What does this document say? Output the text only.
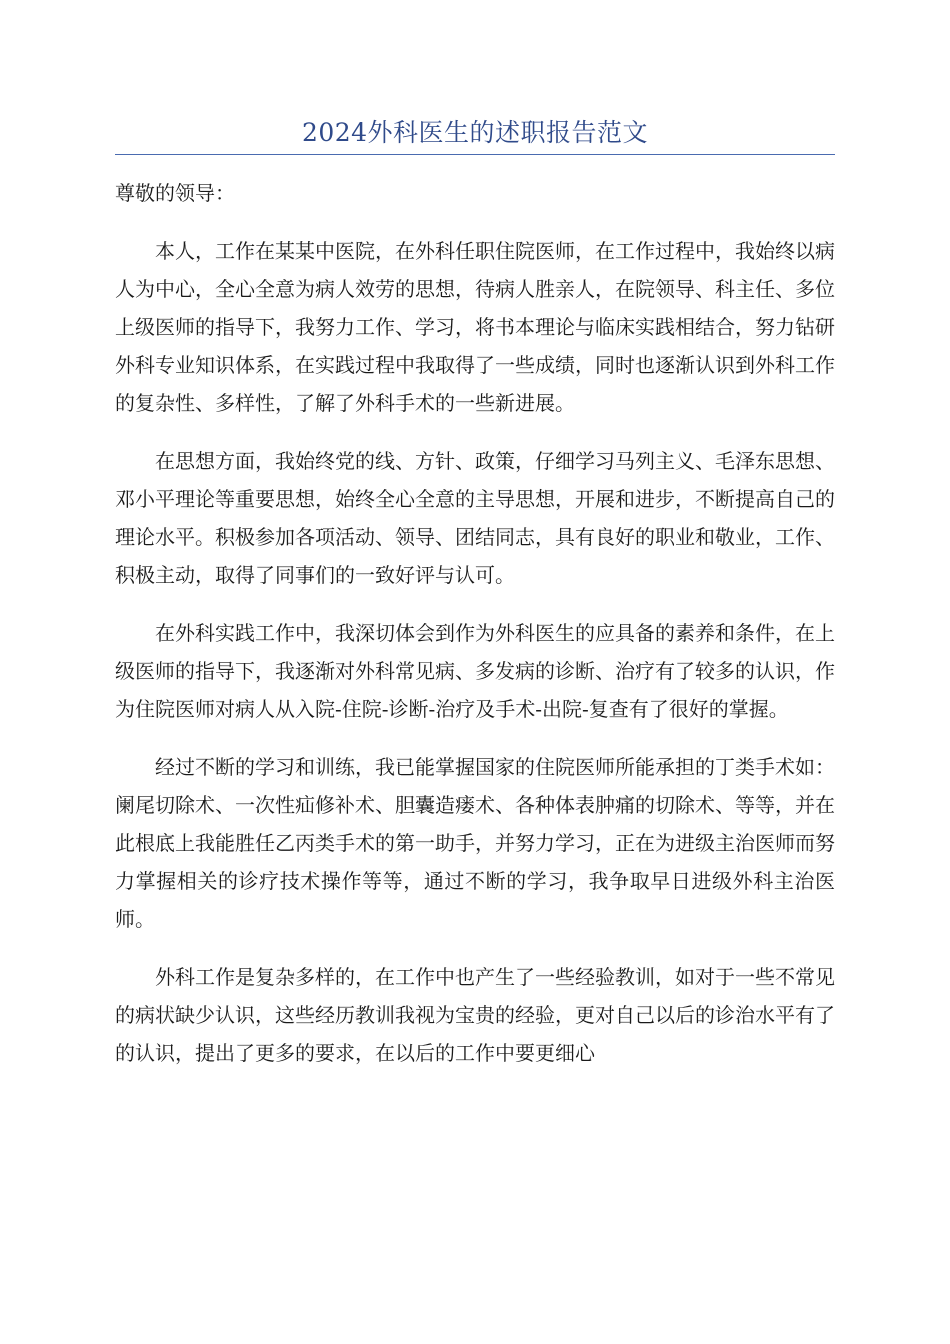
2024外科医生的述职报告范文

尊敬的领导：

本人，工作在某某中医院，在外科任职住院医师，在工作过程中，我始终以病人为中心，全心全意为病人效劳的思想，待病人胜亲人，在院领导、科主任、多位上级医师的指导下，我努力工作、学习，将书本理论与临床实践相结合，努力钻研外科专业知识体系，在实践过程中我取得了一些成绩，同时也逐渐认识到外科工作的复杂性、多样性，了解了外科手术的一些新进展。

在思想方面，我始终党的线、方针、政策，仔细学习马列主义、毛泽东思想、邓小平理论等重要思想，始终全心全意的主导思想，开展和进步，不断提高自己的理论水平。积极参加各项活动、领导、团结同志，具有良好的职业和敬业，工作、积极主动，取得了同事们的一致好评与认可。

在外科实践工作中，我深切体会到作为外科医生的应具备的素养和条件，在上级医师的指导下，我逐渐对外科常见病、多发病的诊断、治疗有了较多的认识，作为住院医师对病人从入院-住院-诊断-治疗及手术-出院-复查有了很好的掌握。

经过不断的学习和训练，我已能掌握国家的住院医师所能承担的丁类手术如：阑尾切除术、一次性疝修补术、胆囊造瘘术、各种体表肿痛的切除术、等等，并在此根底上我能胜任乙丙类手术的第一助手，并努力学习，正在为进级主治医师而努力掌握相关的诊疗技术操作等等，通过不断的学习，我争取早日进级外科主治医师。

外科工作是复杂多样的，在工作中也产生了一些经验教训，如对于一些不常见的病状缺少认识，这些经历教训我视为宝贵的经验，更对自己以后的诊治水平有了的认识，提出了更多的要求，在以后的工作中要更细心
